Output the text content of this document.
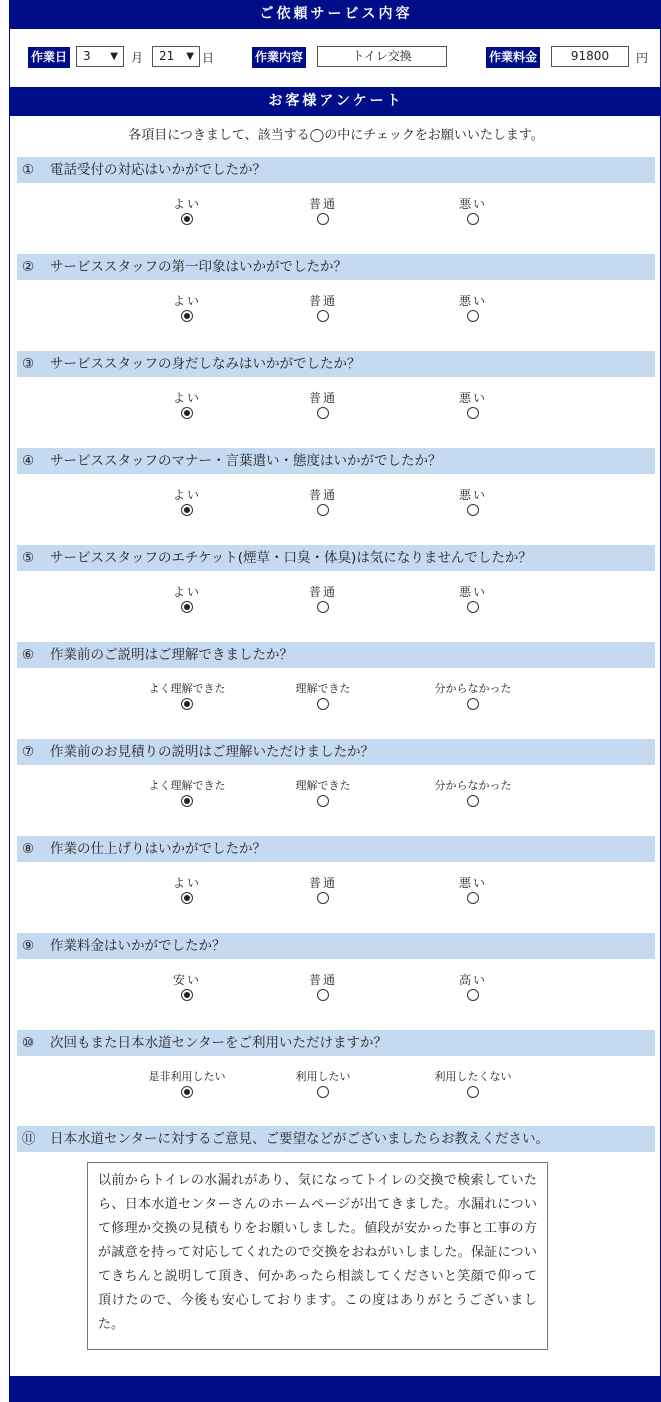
ご依頼サービス内容
作業日	3 ▼ 月	21 ▼ 日	作業内容	トイレ交換	作業料金	91800	円
お客様アンケート
各項目につきまして、該当する◯の中にチェックをお願いいたします。
① 電話受付の対応はいかがでしたか？
よい	普通	悪い
② サービススタッフの第一印象はいかがでしたか？
よい	普通	悪い
③ サービススタッフの身だしなみはいかがでしたか？
よい	普通	悪い
④ サービススタッフのマナー・言葉遣い・態度はいかがでしたか？
よい	普通	悪い
⑤ サービススタッフのエチケット(煙草・口臭・体臭)は気になりませんでしたか？
よい	普通	悪い
⑥ 作業前のご説明はご理解できましたか？
よく理解できた	理解できた	分からなかった
⑦ 作業前のお見積りの説明はご理解いただけましたか？
よく理解できた	理解できた	分からなかった
⑧ 作業の仕上げりはいかがでしたか？
よい	普通	悪い
⑨ 作業料金はいかがでしたか？
安い	普通	高い
⑩ 次回もまた日本水道センターをご利用いただけますか？
是非利用したい	利用したい	利用したくない
⑪ 日本水道センターに対するご意見、ご要望などがございましたらお教えください。
以前からトイレの水漏れがあり、気になってトイレの交換で検索していたら、日本水道センターさんのホームページが出てきました。水漏れについて修理か交換の見積もりをお願いしました。値段が安かった事と工事の方が誠意を持って対応してくれたので交換をおねがいしました。保証についてきちんと説明して頂き、何かあったら相談してくださいと笑顔で仰って頂けたので、今後も安心しております。この度はありがとうございました。
